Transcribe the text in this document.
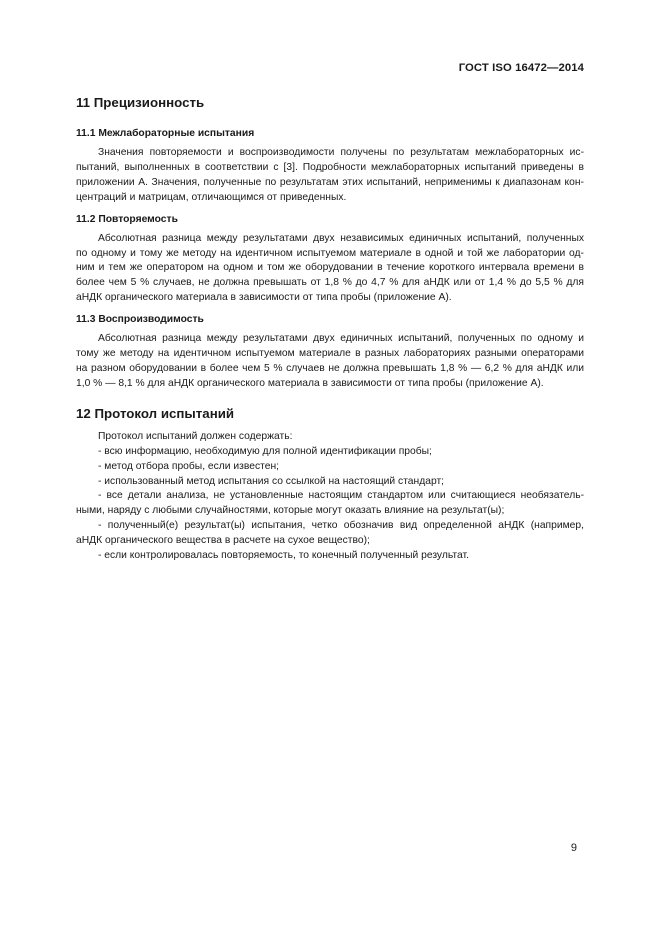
ГОСТ ISO 16472—2014
11 Прецизионность
11.1 Межлабораторные испытания
Значения повторяемости и воспроизводимости получены по результатам межлабораторных ис-
пытаний, выполненных в соответствии с [3]. Подробности межлабораторных испытаний приведены в
приложении А. Значения, полученные по результатам этих испытаний, неприменимы к диапазонам кон-
центраций и матрицам, отличающимся от приведенных.
11.2 Повторяемость
Абсолютная разница между результатами двух независимых единичных испытаний, полученных
по одному и тому же методу на идентичном испытуемом материале в одной и той же лаборатории од-
ним и тем же оператором на одном и том же оборудовании в течение короткого интервала времени в
более чем 5 % случаев, не должна превышать от 1,8 % до 4,7 % для аНДК или от 1,4 % до 5,5 % для
аНДК органического материала в зависимости от типа пробы (приложение А).
11.3 Воспроизводимость
Абсолютная разница между результатами двух единичных испытаний, полученных по одному и
тому же методу на идентичном испытуемом материале в разных лабораториях разными операторами
на разном оборудовании в более чем 5 % случаев не должна превышать 1,8 % — 6,2 % для аНДК или
1,0 % — 8,1 % для аНДК органического материала в зависимости от типа пробы (приложение А).
12 Протокол испытаний
Протокол испытаний должен содержать:
- всю информацию, необходимую для полной идентификации пробы;
- метод отбора пробы, если известен;
- использованный метод испытания со ссылкой на настоящий стандарт;
- все детали анализа, не установленные настоящим стандартом или считающиеся необязатель-
ными, наряду с любыми случайностями, которые могут оказать влияние на результат(ы);
- полученный(е) результат(ы) испытания, четко обозначив вид определенной аНДК (например,
аНДК органического вещества в расчете на сухое вещество);
- если контролировалась повторяемость, то конечный полученный результат.
9
